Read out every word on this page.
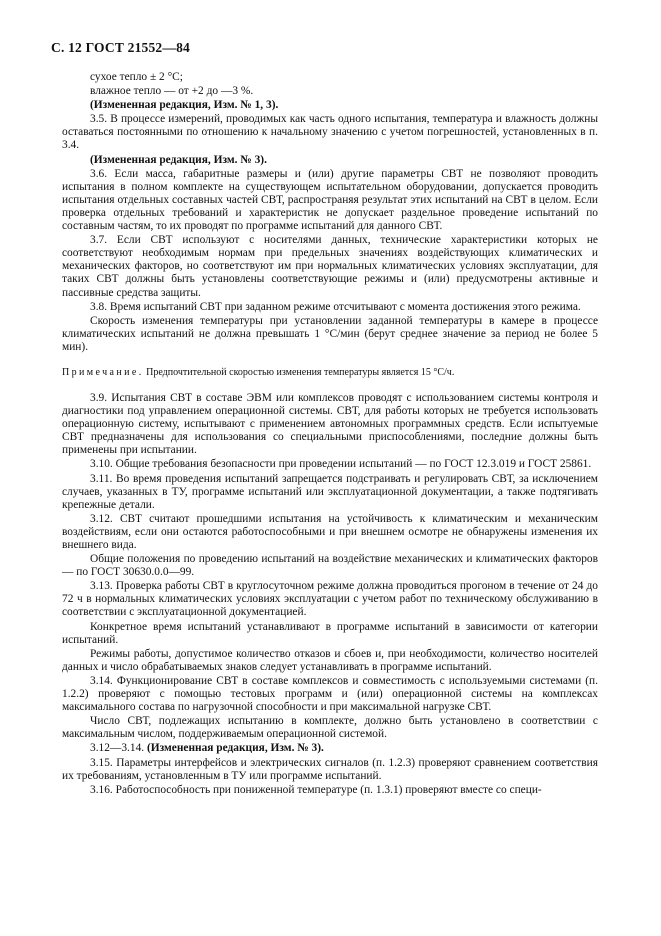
С. 12 ГОСТ 21552—84

сухое тепло ± 2 °С;

влажное тепло — от +2 до —3 %.

(Измененная редакция, Изм. № 1, 3).

3.5. В процессе измерений, проводимых как часть одного испытания, температура и влажность должны оставаться постоянными по отношению к начальному значению с учетом погрешностей, установленных в п. 3.4.

(Измененная редакция, Изм. № 3).

3.6. Если масса, габаритные размеры и (или) другие параметры СВТ не позволяют проводить испытания в полном комплекте на существующем испытательном оборудовании, допускается проводить испытания отдельных составных частей СВТ, распространяя результат этих испытаний на СВТ в целом. Если проверка отдельных требований и характеристик не допускает раздельное проведение испытаний по составным частям, то их проводят по программе испытаний для данного СВТ.

3.7. Если СВТ используют с носителями данных, технические характеристики которых не соответствуют необходимым нормам при предельных значениях воздействующих климатических и механических факторов, но соответствуют им при нормальных климатических условиях эксплуатации, для таких СВТ должны быть установлены соответствующие режимы и (или) предусмотрены активные и пассивные средства защиты.

3.8. Время испытаний СВТ при заданном режиме отсчитывают с момента достижения этого режима.

Скорость изменения температуры при установлении заданной температуры в камере в процессе климатических испытаний не должна превышать 1 °С/мин (берут среднее значение за период не более 5 мин).

Примечание. Предпочтительной скоростью изменения температуры является 15 °С/ч.

3.9. Испытания СВТ в составе ЭВМ или комплексов проводят с использованием системы контроля и диагностики под управлением операционной системы. СВТ, для работы которых не требуется использовать операционную систему, испытывают с применением автономных программных средств. Если испытуемые СВТ предназначены для использования со специальными приспособлениями, последние должны быть применены при испытании.

3.10. Общие требования безопасности при проведении испытаний — по ГОСТ 12.3.019 и ГОСТ 25861.

3.11. Во время проведения испытаний запрещается подстраивать и регулировать СВТ, за исключением случаев, указанных в ТУ, программе испытаний или эксплуатационной документации, а также подтягивать крепежные детали.

3.12. СВТ считают прошедшими испытания на устойчивость к климатическим и механическим воздействиям, если они остаются работоспособными и при внешнем осмотре не обнаружены изменения их внешнего вида.

Общие положения по проведению испытаний на воздействие механических и климатических факторов — по ГОСТ 30630.0.0—99.

3.13. Проверка работы СВТ в круглосуточном режиме должна проводиться прогоном в течение от 24 до 72 ч в нормальных климатических условиях эксплуатации с учетом работ по техническому обслуживанию в соответствии с эксплуатационной документацией.

Конкретное время испытаний устанавливают в программе испытаний в зависимости от категории испытаний.

Режимы работы, допустимое количество отказов и сбоев и, при необходимости, количество носителей данных и число обрабатываемых знаков следует устанавливать в программе испытаний.

3.14. Функционирование СВТ в составе комплексов и совместимость с используемыми системами (п. 1.2.2) проверяют с помощью тестовых программ и (или) операционной системы на комплексах максимального состава по нагрузочной способности и при максимальной нагрузке СВТ.

Число СВТ, подлежащих испытанию в комплекте, должно быть установлено в соответствии с максимальным числом, поддерживаемым операционной системой.

3.12—3.14. (Измененная редакция, Изм. № 3).

3.15. Параметры интерфейсов и электрических сигналов (п. 1.2.3) проверяют сравнением соответствия их требованиям, установленным в ТУ или программе испытаний.

3.16. Работоспособность при пониженной температуре (п. 1.3.1) проверяют вместе со специ-
